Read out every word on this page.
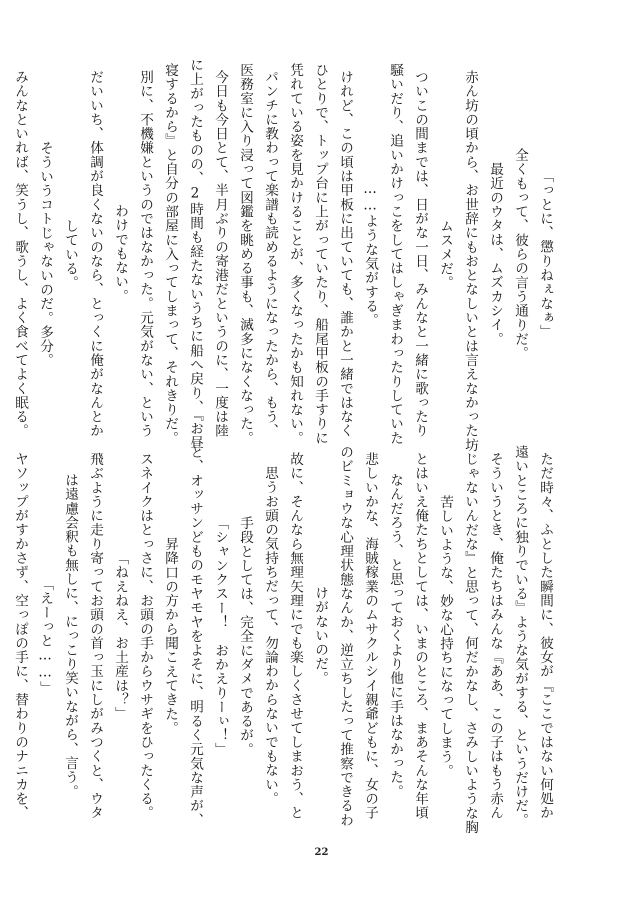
「っとに、懲りねぇなぁ」
全くもって、彼らの言う通りだ。
最近のウタは、ムズカシイ。
赤ん坊の頃から、お世辞にもおとなしいとは言えなかった
ムスメだ。
ついこの間までは、日がな一日、みんなと一緒に歌ったり
騒いだり、追いかけっこをしてはしゃぎまわったりしていた
……ような気がする。
けれど、この頃は甲板に出ていても、誰かと一緒ではなく
ひとりで、トップ台に上がっていたり、船尾甲板の手すりに
凭れている姿を見かけることが、多くなったかも知れない。
パンチに教わって楽譜も読めるようになったから、もう、
医務室に入り浸って図鑑を眺める事も、滅多になくなった。
今日も今日とて、半月ぶりの寄港だというのに、一度は陸
に上がったものの、2時間も経たないうちに船へ戻り、『お昼
寝するから』と自分の部屋に入ってしまって、それきりだ。
別に、不機嫌というのではなかった。元気がない、という
わけでもない。
だいいち、体調が良くないのなら、とっくに俺がなんとか
している。
そういうコトじゃないのだ。多分。
みんなといれば、笑うし、歌うし、よく食べてよく眠る。
ただ時々、ふとした瞬間に、彼女が『ここではない何処か
遠いところに独りでいる』ような気がする、というだけだ。
そういうとき、俺たちはみんな『ああ、この子はもう赤ん
坊じゃないんだな』と思って、何だかなし、さみしいような胸
苦しいような、妙な心持ちになってしまう。
とはいえ俺たちとしては、いまのところ、まあそんな年頃
なんだろう、と思っておくより他に手はなかった。
悲しいかな、海賊稼業のムサクルシイ親爺どもに、女の子
のビミョウな心理状態なんか、逆立ちしたって推察できるわ
けがないのだ。
故に、そんなら無理矢理にでも楽しくさせてしまおう、と
思うお頭の気持ちだって、勿論わからないでもない。
手段としては、完全にダメであるが。
「シャンクスー！　おかえりーぃ！」
と、オッサンどものモヤモヤをよそに、明るく元気な声が、
昇降口の方から聞こえてきた。
スネイクはとっさに、お頭の手からウサギをひったくる。
「ねえねえ、お土産は？」
飛ぶように走り寄ってお頭の首っ玉にしがみつくと、ウタ
は遠慮会釈も無しに、にっこり笑いながら、言う。
「えーっと……」
ヤソップがすかさず、空っぽの手に、替わりのナニカを、
22
